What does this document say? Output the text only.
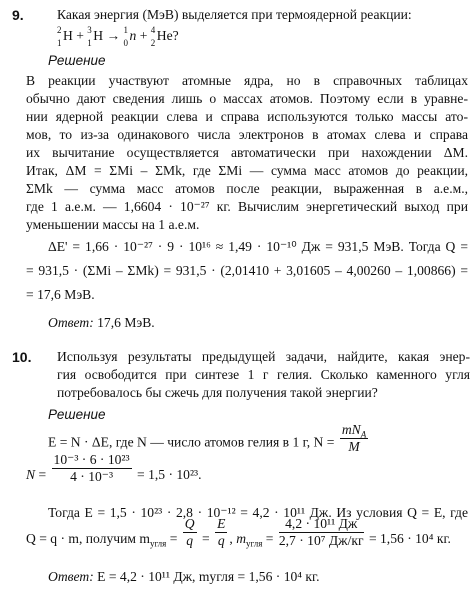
9.	Какая энергия (МэВ) выделяется при термоядерной реакции:
2
1 H + 3
1 H → 1
0 n + 4
2 He?
Решение
В реакции участвуют атомные ядра, но в справочных таблицах
обычно дают сведения лишь о массах атомов. Поэтому если в уравне-
нии ядерной реакции слева и справа используются только массы ато-
мов, то из-за одинакового числа электронов в атомах слева и справа
их вычитание осуществляется автоматически при нахождении ΔM.
Итак, ΔM = ΣMi – ΣMk, где ΣMi — сумма масс атомов до реакции,
ΣMk — сумма масс атомов после реакции, выраженная в а.е.м.,
где 1 а.е.м. — 1,6604 · 10⁻²⁷ кг. Вычислим энергетический выход при
уменьшении массы на 1 а.е.м.
ΔE' = 1,66 · 10⁻²⁷ · 9 · 10¹⁶ ≈ 1,49 · 10⁻¹⁰ Дж = 931,5 МэВ. Тогда Q =
= 931,5 · (ΣMi – ΣMk) = 931,5 · (2,01410 + 3,01605 – 4,00260 – 1,00866) =
= 17,6 МэВ.
Ответ: 17,6 МэВ.
10.	Используя результаты предыдущей задачи, найдите, какая энер-
гия освободится при синтезе 1 г гелия. Сколько каменного угля
потребовалось бы сжечь для получения такой энергии?
Решение
E = N · ΔE, где N — число атомов гелия в 1 г, $N = \frac{mN_A}{M}$
$N = \frac{\text{10⁻³ · 6 · 10²³}}{\text{4 · 10⁻³}} = 1,5 \cdot 10^{23}$.
Тогда E = 1,5 · 10²³ · 2,8 · 10⁻¹² = 4,2 · 10¹¹ Дж. Из условия Q = E, где
Q = q · m, получим $m_{угля} = \frac{Q}{q} = \frac{E}{q}$ , $m_{угля} = \frac{\text{4,2 · 10¹¹ Дж}}{\text{2,7 · 10⁷ Дж/кг}} = 1,56 \cdot 10^4$ кг.
Ответ: E = 4,2 · 10¹¹ Дж, mугля = 1,56 · 10⁴ кг.
